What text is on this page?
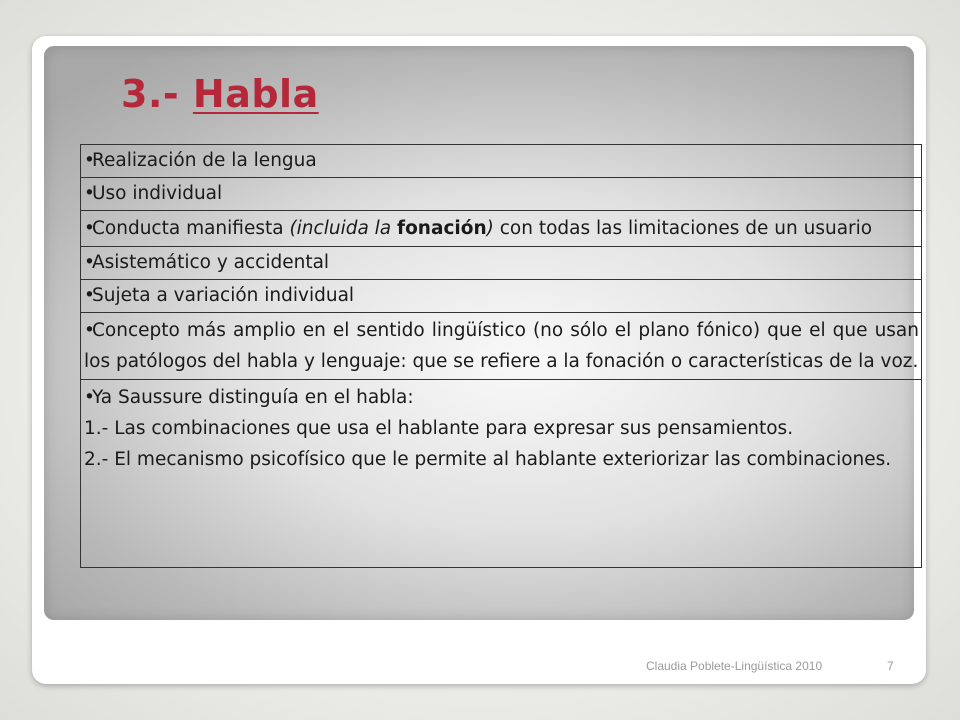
3.- Habla
•Realización de la lengua
•Uso individual
•Conducta manifiesta (incluida la fonación) con todas las limitaciones de un usuario
•Asistemático y accidental
•Sujeta a variación individual
•Concepto más amplio en el sentido lingüístico (no sólo el plano fónico) que el que usan los patólogos del habla y lenguaje: que se refiere a la fonación o características de la voz.

•Ya Saussure distinguía en el habla:
1.- Las combinaciones que usa el hablante para expresar sus pensamientos.
2.- El mecanismo psicofísico que le permite al hablante exteriorizar las combinaciones.
Claudia Poblete-Lingüística 2010	7
